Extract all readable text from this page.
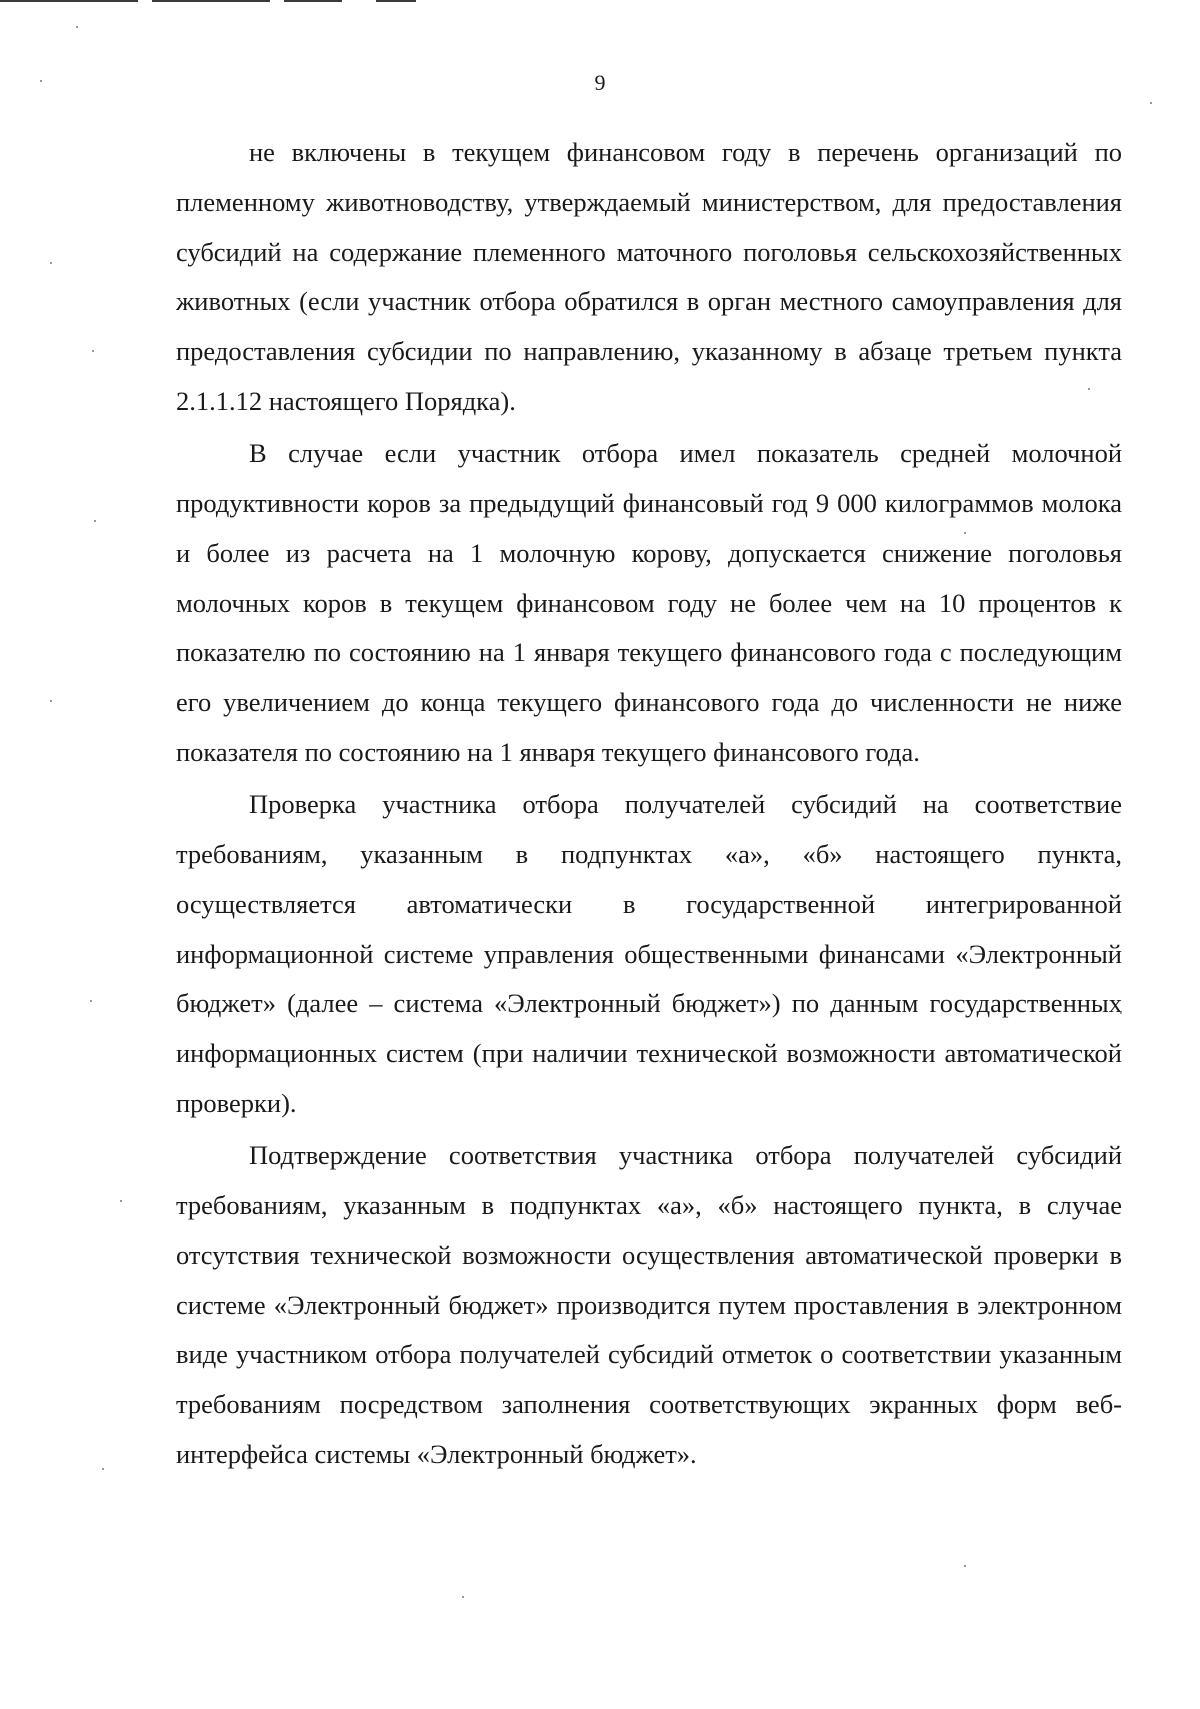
9

не включены в текущем финансовом году в перечень организаций по племенному животноводству, утверждаемый министерством, для предоставления субсидий на содержание племенного маточного поголовья сельскохозяйственных животных (если участник отбора обратился в орган местного самоуправления для предоставления субсидии по направлению, указанному в абзаце третьем пункта 2.1.1.12 настоящего Порядка).

В случае если участник отбора имел показатель средней молочной продуктивности коров за предыдущий финансовый год 9 000 килограммов молока и более из расчета на 1 молочную корову, допускается снижение поголовья молочных коров в текущем финансовом году не более чем на 10 процентов к показателю по состоянию на 1 января текущего финансового года с последующим его увеличением до конца текущего финансового года до численности не ниже показателя по состоянию на 1 января текущего финансового года.

Проверка участника отбора получателей субсидий на соответствие требованиям, указанным в подпунктах «а», «б» настоящего пункта, осуществляется автоматически в государственной интегрированной информационной системе управления общественными финансами «Электронный бюджет» (далее – система «Электронный бюджет») по данным государственных информационных систем (при наличии технической возможности автоматической проверки).

Подтверждение соответствия участника отбора получателей субсидий требованиям, указанным в подпунктах «а», «б» настоящего пункта, в случае отсутствия технической возможности осуществления автоматической проверки в системе «Электронный бюджет» производится путем проставления в электронном виде участником отбора получателей субсидий отметок о соответствии указанным требованиям посредством заполнения соответствующих экранных форм веб-интерфейса системы «Электронный бюджет».
